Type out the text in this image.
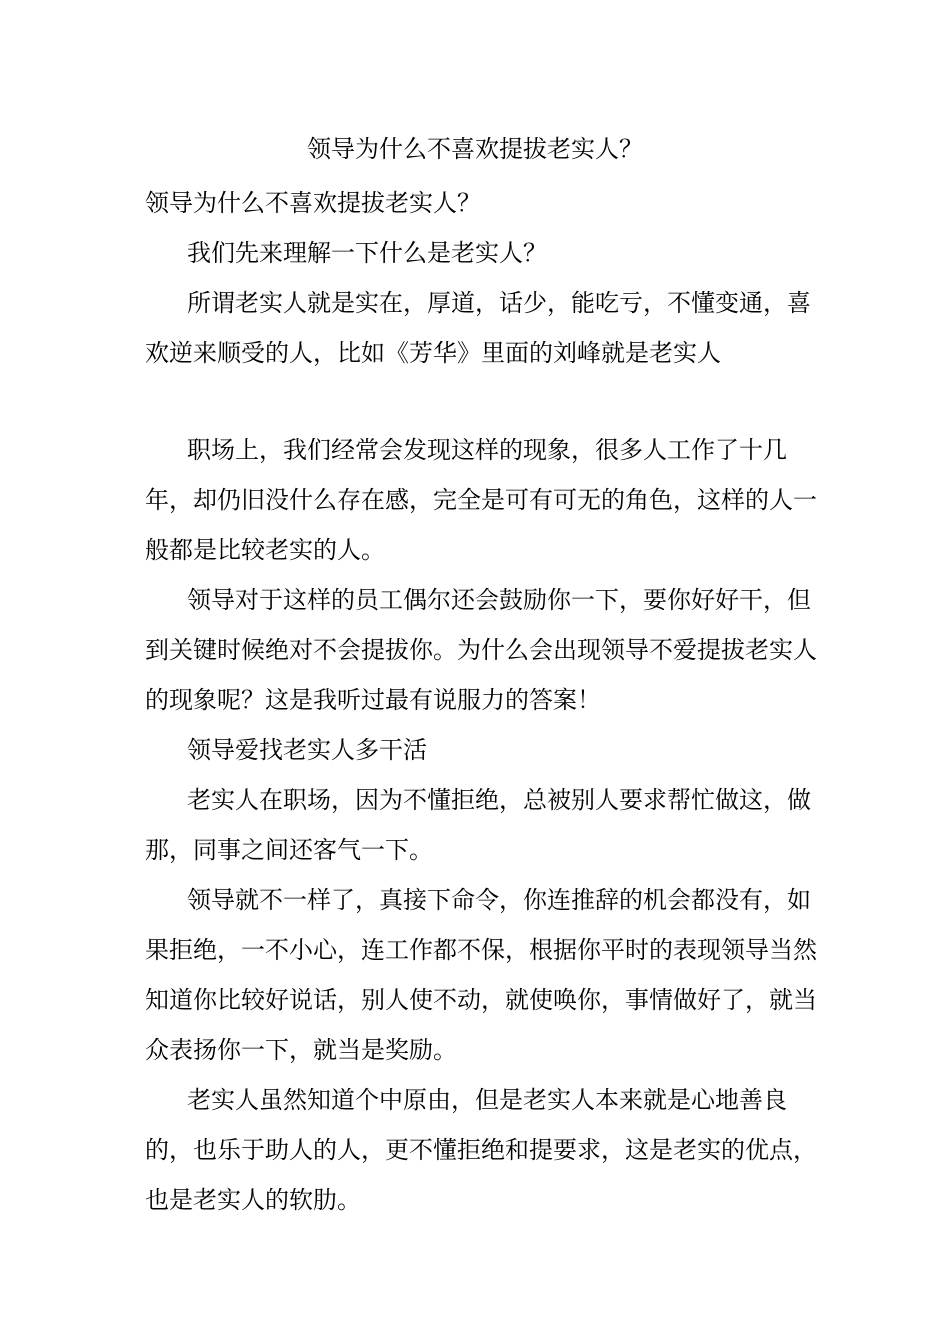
领导为什么不喜欢提拔老实人？

领导为什么不喜欢提拔老实人？

我们先来理解一下什么是老实人？

所谓老实人就是实在，厚道，话少，能吃亏，不懂变通，喜欢逆来顺受的人，比如《芳华》里面的刘峰就是老实人

职场上，我们经常会发现这样的现象，很多人工作了十几年，却仍旧没什么存在感，完全是可有可无的角色，这样的人一般都是比较老实的人。

领导对于这样的员工偶尔还会鼓励你一下，要你好好干，但到关键时候绝对不会提拔你。为什么会出现领导不爱提拔老实人的现象呢？这是我听过最有说服力的答案！

领导爱找老实人多干活

老实人在职场，因为不懂拒绝，总被别人要求帮忙做这，做那，同事之间还客气一下。

领导就不一样了，真接下命令，你连推辞的机会都没有，如果拒绝，一不小心，连工作都不保，根据你平时的表现领导当然知道你比较好说话，别人使不动，就使唤你，事情做好了，就当众表扬你一下，就当是奖励。

老实人虽然知道个中原由，但是老实人本来就是心地善良的，也乐于助人的人，更不懂拒绝和提要求，这是老实的优点，也是老实人的软肋。
